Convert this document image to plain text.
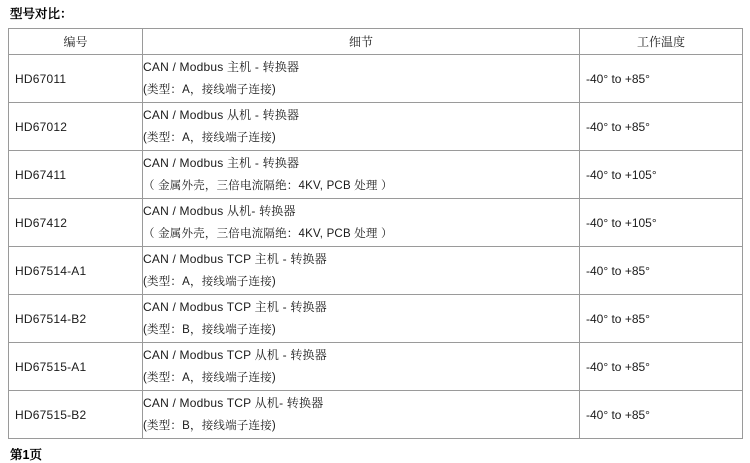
型号对比：
编号	细节	工作温度

HD67011	CAN / Modbus 主机 - 转换器
(类型：A，接线端子连接)	-40° to +85°

HD67012	CAN / Modbus 从机 - 转换器
(类型：A，接线端子连接)	-40° to +85°

HD67411	CAN / Modbus 主机 - 转换器
（ 金属外壳，三倍电流隔绝：4KV, PCB 处理 ）	-40° to +105°

HD67412	CAN / Modbus 从机- 转换器
（ 金属外壳，三倍电流隔绝：4KV, PCB 处理 ）	-40° to +105°

HD67514-A1	CAN / Modbus TCP 主机 - 转换器
(类型：A，接线端子连接)	-40° to +85°

HD67514-B2	CAN / Modbus TCP 主机 - 转换器
(类型：B，接线端子连接)	-40° to +85°

HD67515-A1	CAN / Modbus TCP 从机 - 转换器
(类型：A，接线端子连接)	-40° to +85°

HD67515-B2	CAN / Modbus TCP 从机- 转换器
(类型：B，接线端子连接)	-40° to +85°
第1页
